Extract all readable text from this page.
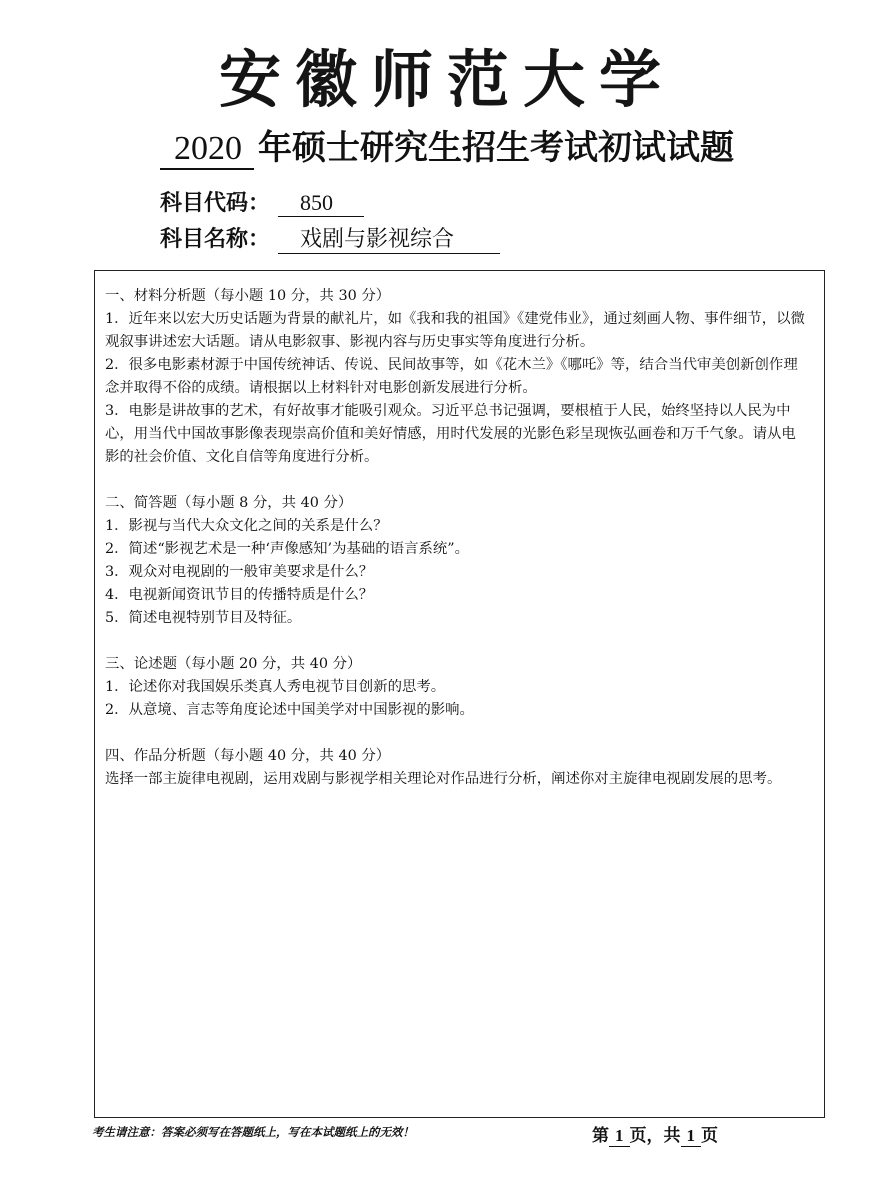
安徽师范大学
2020 年硕士研究生招生考试初试试题
科目代码： 850
科目名称： 戏剧与影视综合
一、材料分析题（每小题 10 分，共 30 分）
1．近年来以宏大历史话题为背景的献礼片，如《我和我的祖国》《建党伟业》，通过刻画人物、事件细节，以微观叙事讲述宏大话题。请从电影叙事、影视内容与历史事实等角度进行分析。
2．很多电影素材源于中国传统神话、传说、民间故事等，如《花木兰》《哪吒》等，结合当代审美创新创作理念并取得不俗的成绩。请根据以上材料针对电影创新发展进行分析。
3．电影是讲故事的艺术，有好故事才能吸引观众。习近平总书记强调，要根植于人民，始终坚持以人民为中心，用当代中国故事影像表现崇高价值和美好情感，用时代发展的光影色彩呈现恢弘画卷和万千气象。请从电影的社会价值、文化自信等角度进行分析。
二、简答题（每小题 8 分，共 40 分）
1．影视与当代大众文化之间的关系是什么？
2．简述“影视艺术是一种‘声像感知’为基础的语言系统”。
3．观众对电视剧的一般审美要求是什么？
4．电视新闻资讯节目的传播特质是什么？
5．简述电视特别节目及特征。
三、论述题（每小题 20 分，共 40 分）
1．论述你对我国娱乐类真人秀电视节目创新的思考。
2．从意境、言志等角度论述中国美学对中国影视的影响。
四、作品分析题（每小题 40 分，共 40 分）
选择一部主旋律电视剧，运用戏剧与影视学相关理论对作品进行分析，阐述你对主旋律电视剧发展的思考。
考生请注意：答案必须写在答题纸上，写在本试题纸上的无效！	第 1 页，共 1 页
